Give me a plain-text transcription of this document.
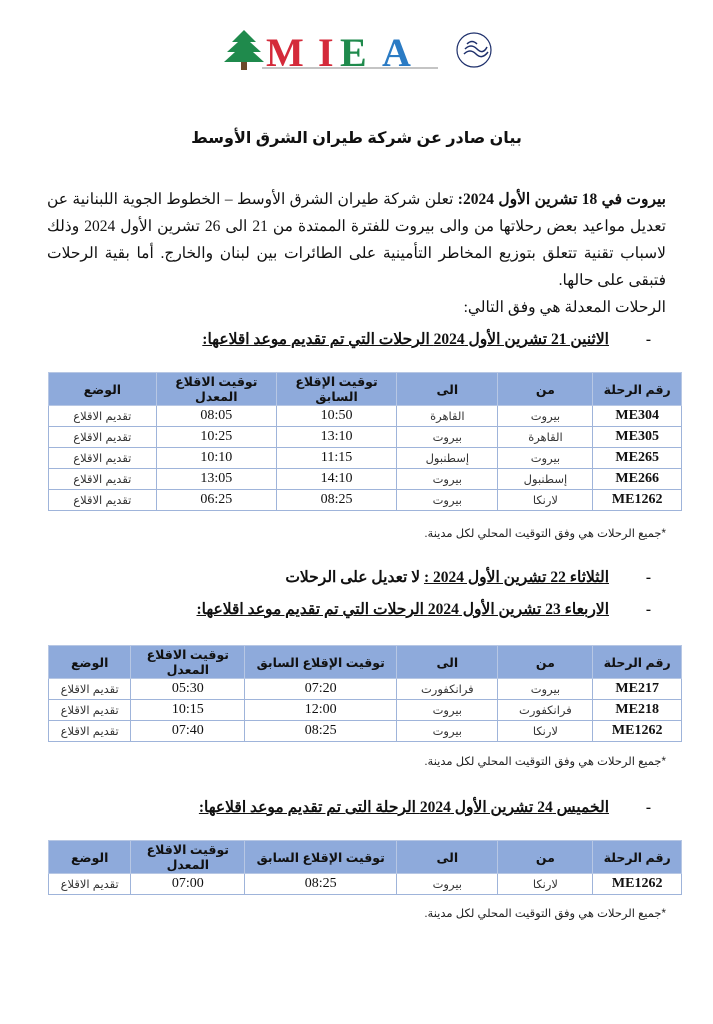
M I E A
بيان صادر عن شركة طيران الشرق الأوسط
بيروت في 18 تشرين الأول 2024: تعلن شركة طيران الشرق الأوسط – الخطوط الجوية اللبنانية عن تعديل مواعيد بعض رحلاتها من والى بيروت للفترة الممتدة من 21 الى 26 تشرين الأول 2024 وذلك لاسباب تقنية تتعلق بتوزيع المخاطر التأمينية على الطائرات بين لبنان والخارج. أما بقية الرحلات فتبقى على حالها.
الرحلات المعدلة هي وفق التالي:
-الاثنين 21 تشرين الأول 2024 الرحلات التي تم تقديم موعد اقلاعها:
رقم الرحلة	من	الى	توقيت الإقلاع السابق	توقيت الاقلاع المعدل	الوضع
ME304	بيروت	القاهرة	10:50	08:05	تقديم الاقلاع
ME305	القاهرة	بيروت	13:10	10:25	تقديم الاقلاع
ME265	بيروت	إسطنبول	11:15	10:10	تقديم الاقلاع
ME266	إسطنبول	بيروت	14:10	13:05	تقديم الاقلاع
ME1262	لارنكا	بيروت	08:25	06:25	تقديم الاقلاع
*جميع الرحلات هي وفق التوقيت المحلي لكل مدينة.
-الثلاثاء 22 تشرين الأول 2024 : لا تعديل على الرحلات
-الاربعاء 23 تشرين الأول 2024 الرحلات التي تم تقديم موعد اقلاعها:
رقم الرحلة	من	الى	توقيت الإقلاع السابق	توقيت الاقلاع المعدل	الوضع
ME217	بيروت	فرانكفورت	07:20	05:30	تقديم الاقلاع
ME218	فرانكفورت	بيروت	12:00	10:15	تقديم الاقلاع
ME1262	لارنكا	بيروت	08:25	07:40	تقديم الاقلاع
*جميع الرحلات هي وفق التوقيت المحلي لكل مدينة.
-الخميس 24 تشرين الأول 2024 الرحلة التى تم تقديم موعد اقلاعها:
رقم الرحلة	من	الى	توقيت الإقلاع السابق	توقيت الاقلاع المعدل	الوضع
ME1262	لارنكا	بيروت	08:25	07:00	تقديم الاقلاع
*جميع الرحلات هي وفق التوقيت المحلي لكل مدينة.
